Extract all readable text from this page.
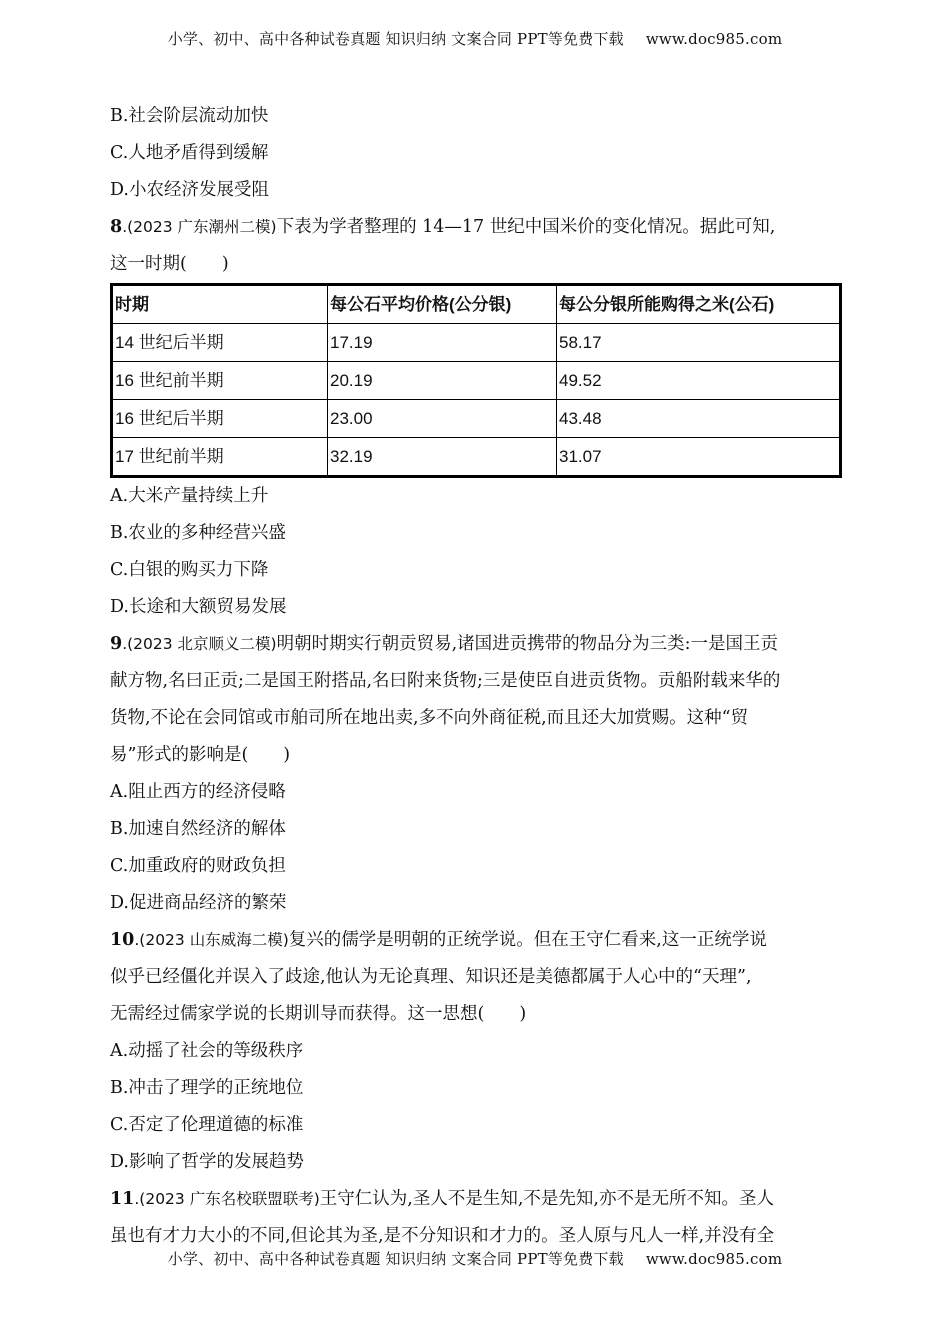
小学、初中、高中各种试卷真题 知识归纳 文案合同 PPT等免费下载 www.doc985.com
B.社会阶层流动加快
C.人地矛盾得到缓解
D.小农经济发展受阻
8.(2023 广东潮州二模)下表为学者整理的 14—17 世纪中国米价的变化情况。据此可知,
这一时期(　　)
时期	每公石平均价格(公分银)	每公分银所能购得之米(公石)
14 世纪后半期	17.19	58.17
16 世纪前半期	20.19	49.52
16 世纪后半期	23.00	43.48
17 世纪前半期	32.19	31.07
A.大米产量持续上升
B.农业的多种经营兴盛
C.白银的购买力下降
D.长途和大额贸易发展
9.(2023 北京顺义二模)明朝时期实行朝贡贸易,诸国进贡携带的物品分为三类:一是国王贡
献方物,名曰正贡;二是国王附搭品,名曰附来货物;三是使臣自进贡货物。贡船附载来华的
货物,不论在会同馆或市舶司所在地出卖,多不向外商征税,而且还大加赏赐。这种“贸
易”形式的影响是(　　)
A.阻止西方的经济侵略
B.加速自然经济的解体
C.加重政府的财政负担
D.促进商品经济的繁荣
10.(2023 山东威海二模)复兴的儒学是明朝的正统学说。但在王守仁看来,这一正统学说
似乎已经僵化并误入了歧途,他认为无论真理、知识还是美德都属于人心中的“天理”,
无需经过儒家学说的长期训导而获得。这一思想(　　)
A.动摇了社会的等级秩序
B.冲击了理学的正统地位
C.否定了伦理道德的标准
D.影响了哲学的发展趋势
11.(2023 广东名校联盟联考)王守仁认为,圣人不是生知,不是先知,亦不是无所不知。圣人
虽也有才力大小的不同,但论其为圣,是不分知识和才力的。圣人原与凡人一样,并没有全
小学、初中、高中各种试卷真题 知识归纳 文案合同 PPT等免费下载 www.doc985.com
